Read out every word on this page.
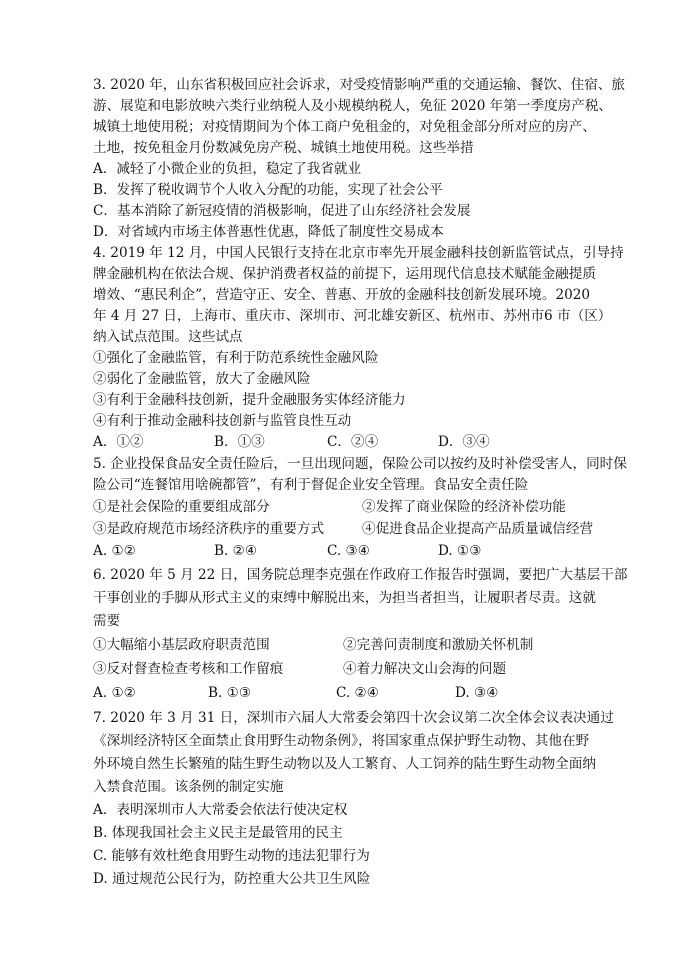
3. 2020 年，山东省积极回应社会诉求，对受疫情影响严重的交通运输、餐饮、住宿、旅
游、展览和电影放映六类行业纳税人及小规模纳税人，免征 2020 年第一季度房产税、
城镇土地使用税；对疫情期间为个体工商户免租金的，对免租金部分所对应的房产、
土地，按免租金月份数减免房产税、城镇土地使用税。这些举措
A．减轻了小微企业的负担，稳定了我省就业
B．发挥了税收调节个人收入分配的功能，实现了社会公平
C．基本消除了新冠疫情的消极影响，促进了山东经济社会发展
D．对省域内市场主体普惠性优惠，降低了制度性交易成本
4. 2019 年 12 月，中国人民银行支持在北京市率先开展金融科技创新监管试点，引导持
牌金融机构在依法合规、保护消费者权益的前提下，运用现代信息技术赋能金融提质
增效、“惠民利企”，营造守正、安全、普惠、开放的金融科技创新发展环境。2020
年 4 月 27 日，上海市、重庆市、深圳市、河北雄安新区、杭州市、苏州市6 市（区）
纳入试点范围。这些试点
①强化了金融监管，有利于防范系统性金融风险
②弱化了金融监管，放大了金融风险
③有利于金融科技创新，提升金融服务实体经济能力
④有利于推动金融科技创新与监管良性互动
A．①②	B．①③	C．②④	D．③④
5. 企业投保食品安全责任险后，一旦出现问题，保险公司以按约及时补偿受害人，同时保
险公司“连餐馆用啥碗都管”，有利于督促企业安全管理。食品安全责任险
①是社会保险的重要组成部分	②发挥了商业保险的经济补偿功能
③是政府规范市场经济秩序的重要方式	④促进食品企业提高产品质量诚信经营
A. ①②	B. ②④	C. ③④	D. ①③
6. 2020 年 5 月 22 日，国务院总理李克强在作政府工作报告时强调，要把广大基层干部
干事创业的手脚从形式主义的束缚中解脱出来，为担当者担当，让履职者尽责。这就
需要
①大幅缩小基层政府职责范围	②完善问责制度和激励关怀机制
③反对督查检查考核和工作留痕	④着力解决文山会海的问题
A. ①②	B. ①③	C. ②④	D. ③④
7. 2020 年 3 月 31 日，深圳市六届人大常委会第四十次会议第二次全体会议表决通过
《深圳经济特区全面禁止食用野生动物条例》，将国家重点保护野生动物、其他在野
外环境自然生长繁殖的陆生野生动物以及人工繁育、人工饲养的陆生野生动物全面纳
入禁食范围。该条例的制定实施
A．表明深圳市人大常委会依法行使决定权
B. 体现我国社会主义民主是最管用的民主
C. 能够有效杜绝食用野生动物的违法犯罪行为
D. 通过规范公民行为，防控重大公共卫生风险
